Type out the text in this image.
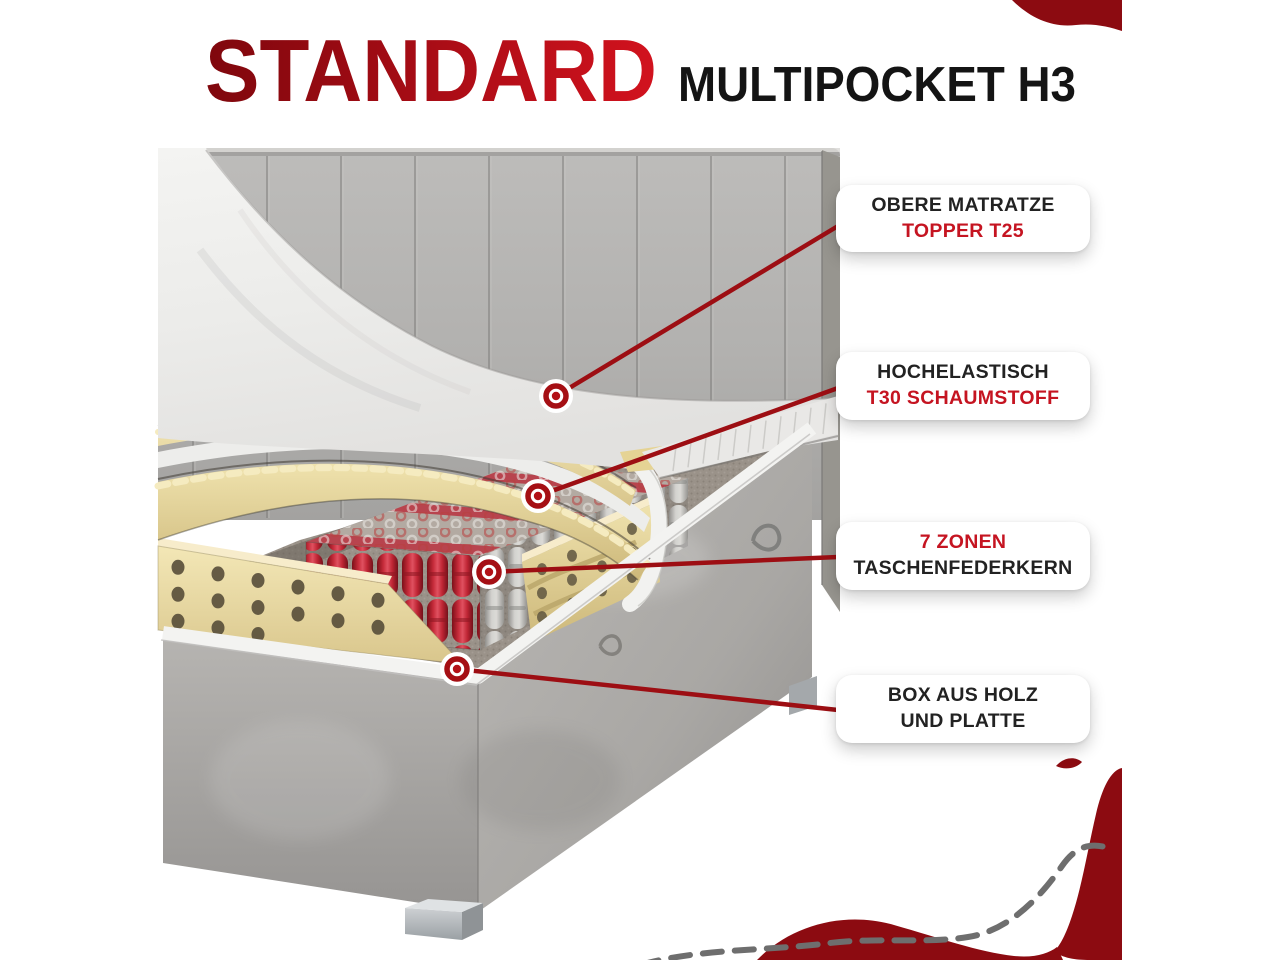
STANDARD MULTIPOCKET H3
OBERE MATRATZE
TOPPER T25
HOCHELASTISCH
T30 SCHAUMSTOFF
7 ZONEN
TASCHENFEDERKERN
BOX AUS HOLZ
UND PLATTE
